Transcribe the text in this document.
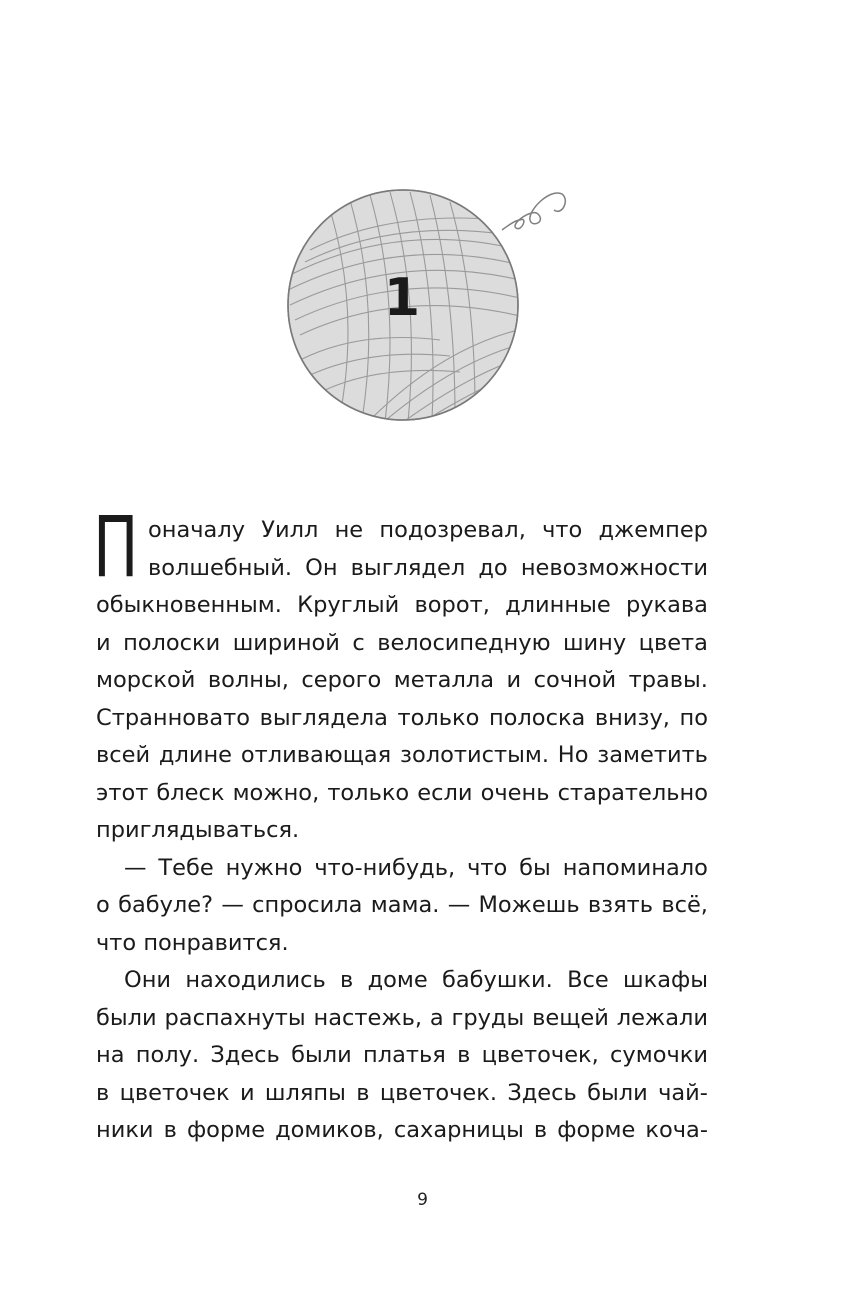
1
П оначалу Уилл не подозревал, что джемпер
волшебный. Он выглядел до невозможности
обыкновенным. Круглый ворот, длинные рукава
и полоски шириной с велосипедную шину цвета
морской волны, серого металла и сочной травы.
Странновато выглядела только полоска внизу, по
всей длине отливающая золотистым. Но заметить
этот блеск можно, только если очень старательно
приглядываться.
— Тебе нужно что-нибудь, что бы напоминало
о бабуле? — спросила мама. — Можешь взять всё,
что понравится.
Они находились в доме бабушки. Все шкафы
были распахнуты настежь, а груды вещей лежали
на полу. Здесь были платья в цветочек, сумочки
в цветочек и шляпы в цветочек. Здесь были чай-
ники в форме домиков, сахарницы в форме коча-
9
